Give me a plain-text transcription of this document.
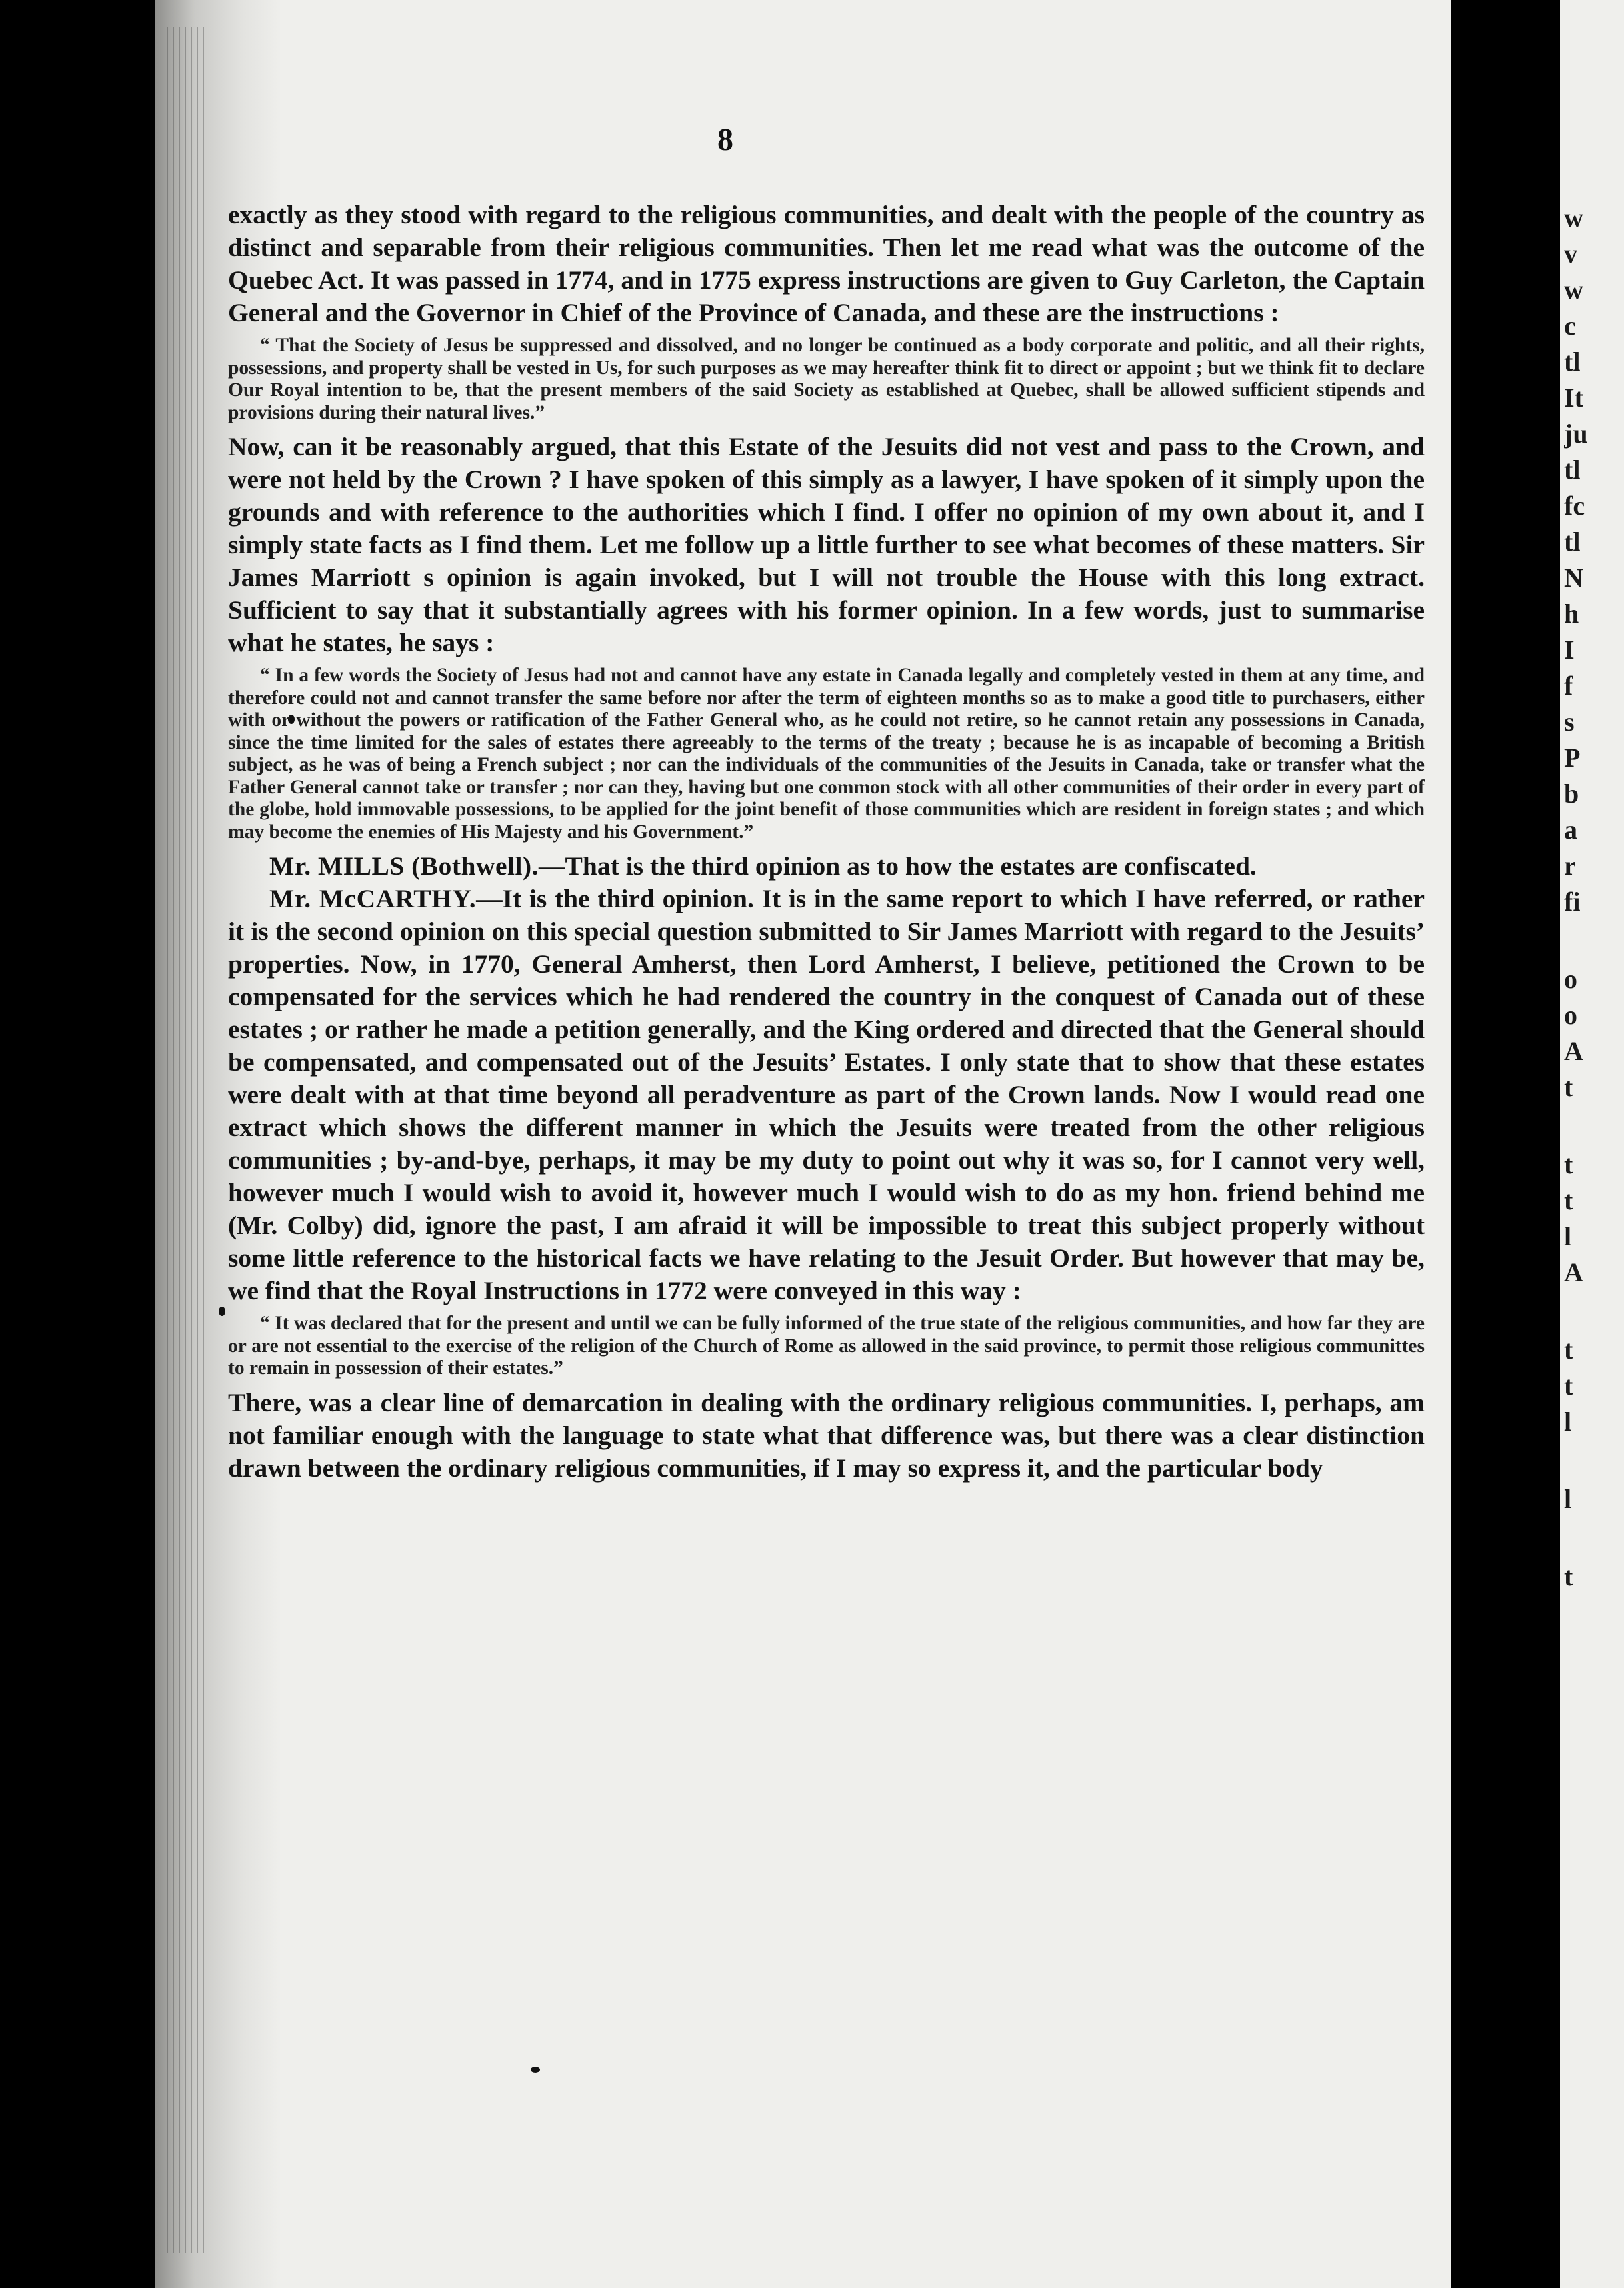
8

exactly as they stood with regard to the religious communities, and dealt with the people of the country as distinct and separable from their religious communities. Then let me read what was the outcome of the Quebec Act. It was passed in 1774, and in 1775 express instructions are given to Guy Carleton, the Captain General and the Governor in Chief of the Province of Canada, and these are the instructions :

“ That the Society of Jesus be suppressed and dissolved, and no longer be continued as a body corporate and politic, and all their rights, possessions, and property shall be vested in Us, for such purposes as we may hereafter think fit to direct or appoint ; but we think fit to declare Our Royal intention to be, that the present members of the said Society as established at Quebec, shall be allowed sufficient stipends and provisions during their natural lives.”

Now, can it be reasonably argued, that this Estate of the Jesuits did not vest and pass to the Crown, and were not held by the Crown ? I have spoken of this simply as a lawyer, I have spoken of it simply upon the grounds and with reference to the authorities which I find. I offer no opinion of my own about it, and I simply state facts as I find them. Let me follow up a little further to see what becomes of these matters. Sir James Marriott s opinion is again invoked, but I will not trouble the House with this long extract. Sufficient to say that it substantially agrees with his former opinion. In a few words, just to summarise what he states, he says :

“ In a few words the Society of Jesus had not and cannot have any estate in Canada legally and completely vested in them at any time, and therefore could not and cannot transfer the same before nor after the term of eighteen months so as to make a good title to purchasers, either with or without the powers or ratification of the Father General who, as he could not retire, so he cannot retain any possessions in Canada, since the time limited for the sales of estates there agreeably to the terms of the treaty ; because he is as incapable of becoming a British subject, as he was of being a French subject ; nor can the individuals of the communities of the Jesuits in Canada, take or transfer what the Father General cannot take or transfer ; nor can they, having but one common stock with all other communities of their order in every part of the globe, hold immovable possessions, to be applied for the joint benefit of those communities which are resident in foreign states ; and which may become the enemies of His Majesty and his Government.”

Mr. MILLS (Bothwell).—That is the third opinion as to how the estates are confiscated.

Mr. McCARTHY.—It is the third opinion. It is in the same report to which I have referred, or rather it is the second opinion on this special question submitted to Sir James Marriott with regard to the Jesuits’ properties. Now, in 1770, General Amherst, then Lord Amherst, I believe, petitioned the Crown to be compensated for the services which he had rendered the country in the conquest of Canada out of these estates ; or rather he made a petition generally, and the King ordered and directed that the General should be compensated, and compensated out of the Jesuits’ Estates. I only state that to show that these estates were dealt with at that time beyond all peradventure as part of the Crown lands. Now I would read one extract which shows the different manner in which the Jesuits were treated from the other religious communities ; by-and-bye, perhaps, it may be my duty to point out why it was so, for I cannot very well, however much I would wish to avoid it, however much I would wish to do as my hon. friend behind me (Mr. Colby) did, ignore the past, I am afraid it will be impossible to treat this subject properly without some little reference to the historical facts we have relating to the Jesuit Order. But however that may be, we find that the Royal Instructions in 1772 were conveyed in this way :

“ It was declared that for the present and until we can be fully informed of the true state of the religious communities, and how far they are or are not essential to the exercise of the religion of the Church of Rome as allowed in the said province, to permit those religious communittes to remain in possession of their estates.”

There, was a clear line of demarcation in dealing with the ordinary religious communities. I, perhaps, am not familiar enough with the language to state what that difference was, but there was a clear distinction drawn between the ordinary religious communities, if I may so express it, and the particular body

w
v
w
c
tl
It
ju
tl
fc
tl
N
h
I
f
s
P
b
a
r
fi
o
o
A
t
t
t
l
A
t
t
l
l
t
